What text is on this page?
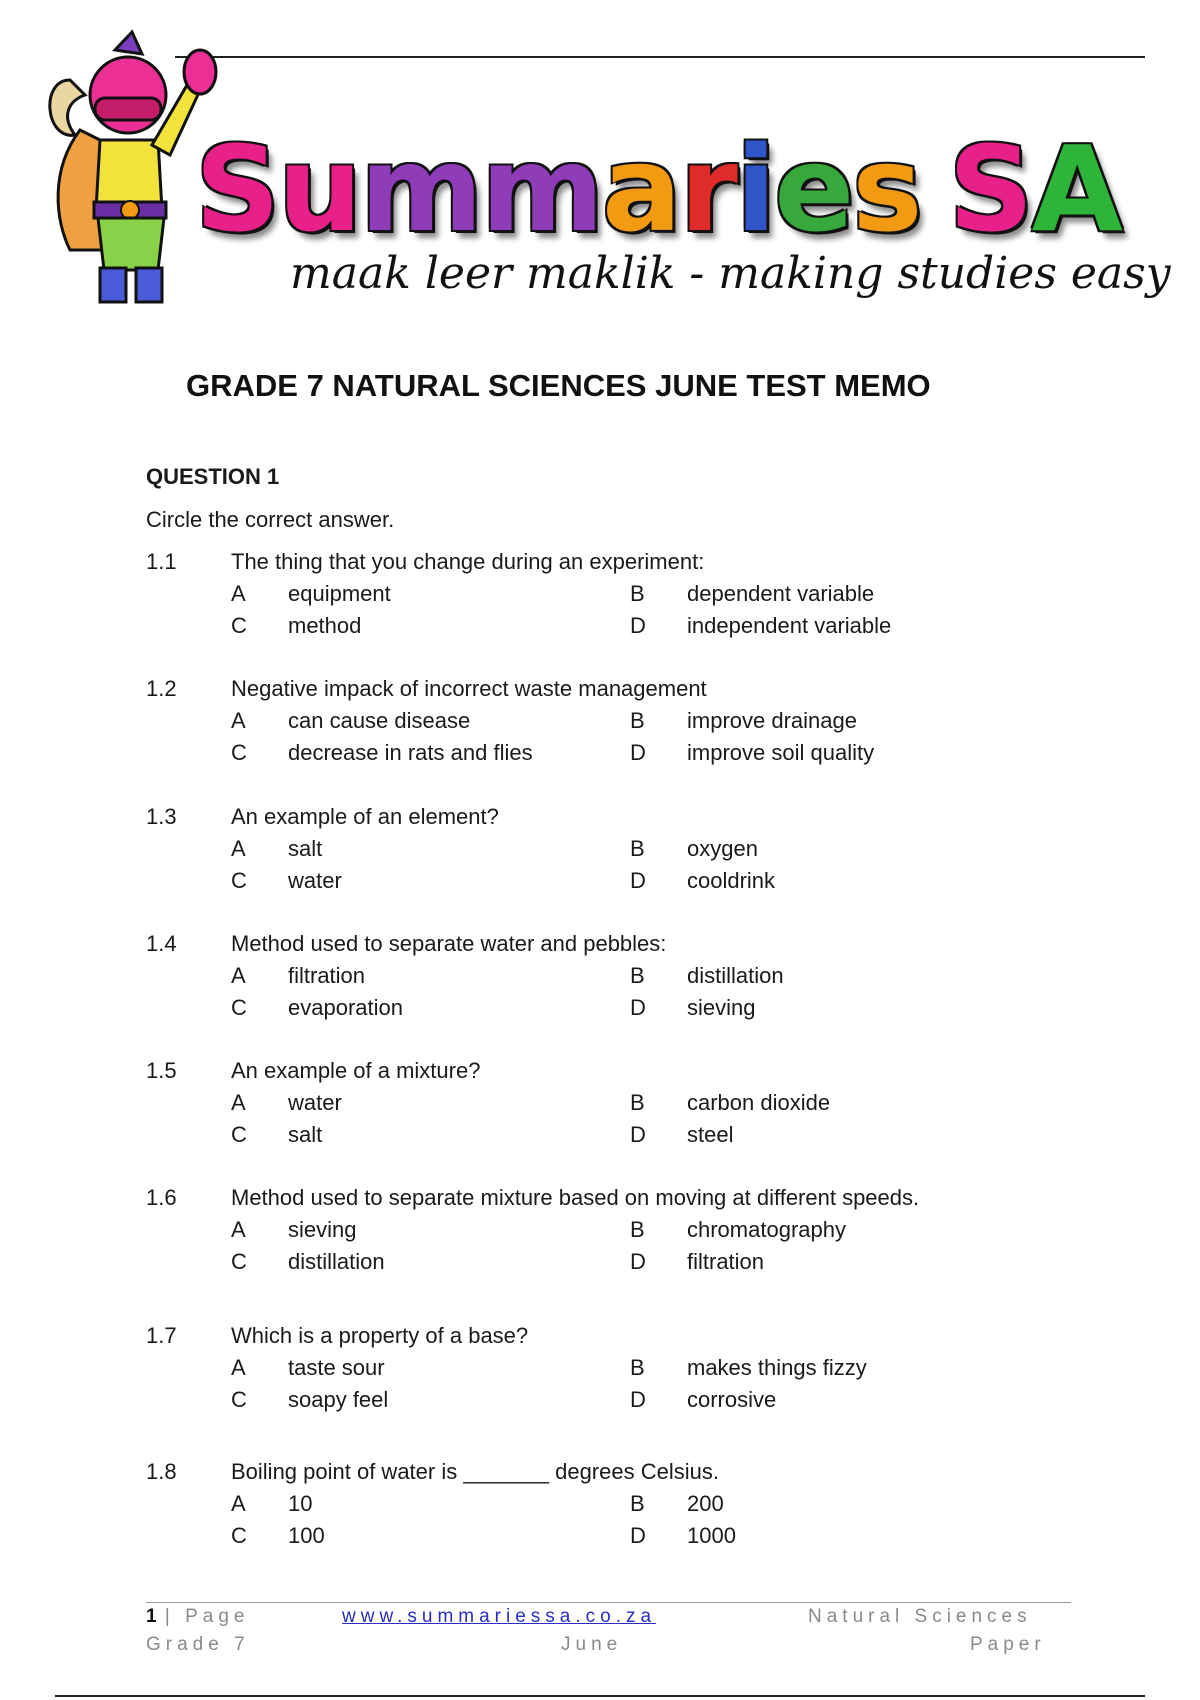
Summaries SA
maak leer maklik - making studies easy
GRADE 7 NATURAL SCIENCES JUNE TEST MEMO
QUESTION 1
Circle the correct answer.
1.1 The thing that you change during an experiment:
A equipment	B dependent variable
C method	D independent variable
1.2 Negative impack of incorrect waste management
A can cause disease	B improve drainage
C decrease in rats and flies	D improve soil quality
1.3 An example of an element?
A salt	B oxygen
C water	D cooldrink
1.4 Method used to separate water and pebbles:
A filtration	B distillation
C evaporation	D sieving
1.5 An example of a mixture?
A water	B carbon dioxide
C salt	D steel
1.6 Method used to separate mixture based on moving at different speeds.
A sieving	B chromatography
C distillation	D filtration
1.7 Which is a property of a base?
A taste sour	B makes things fizzy
C soapy feel	D corrosive
1.8 Boiling point of water is _______ degrees Celsius.
A 10	B 200
C 100	D 1000
1 | Page	www.summariessa.co.za	Natural Sciences
Grade 7	June	Paper
